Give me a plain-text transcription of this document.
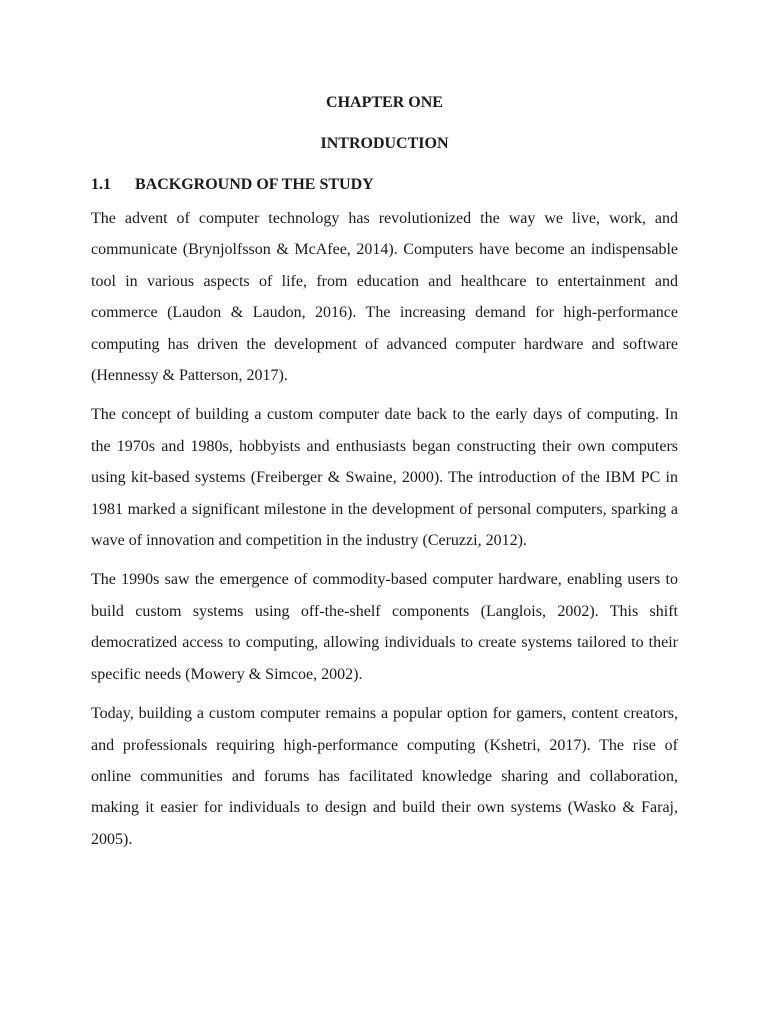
CHAPTER ONE
INTRODUCTION
1.1	BACKGROUND OF THE STUDY

The advent of computer technology has revolutionized the way we live, work, and communicate (Brynjolfsson & McAfee, 2014). Computers have become an indispensable tool in various aspects of life, from education and healthcare to entertainment and commerce (Laudon & Laudon, 2016). The increasing demand for high-performance computing has driven the development of advanced computer hardware and software (Hennessy & Patterson, 2017).

The concept of building a custom computer date back to the early days of computing. In the 1970s and 1980s, hobbyists and enthusiasts began constructing their own computers using kit-based systems (Freiberger & Swaine, 2000). The introduction of the IBM PC in 1981 marked a significant milestone in the development of personal computers, sparking a wave of innovation and competition in the industry (Ceruzzi, 2012).

The 1990s saw the emergence of commodity-based computer hardware, enabling users to build custom systems using off-the-shelf components (Langlois, 2002). This shift democratized access to computing, allowing individuals to create systems tailored to their specific needs (Mowery & Simcoe, 2002).

Today, building a custom computer remains a popular option for gamers, content creators, and professionals requiring high-performance computing (Kshetri, 2017). The rise of online communities and forums has facilitated knowledge sharing and collaboration, making it easier for individuals to design and build their own systems (Wasko & Faraj, 2005).
